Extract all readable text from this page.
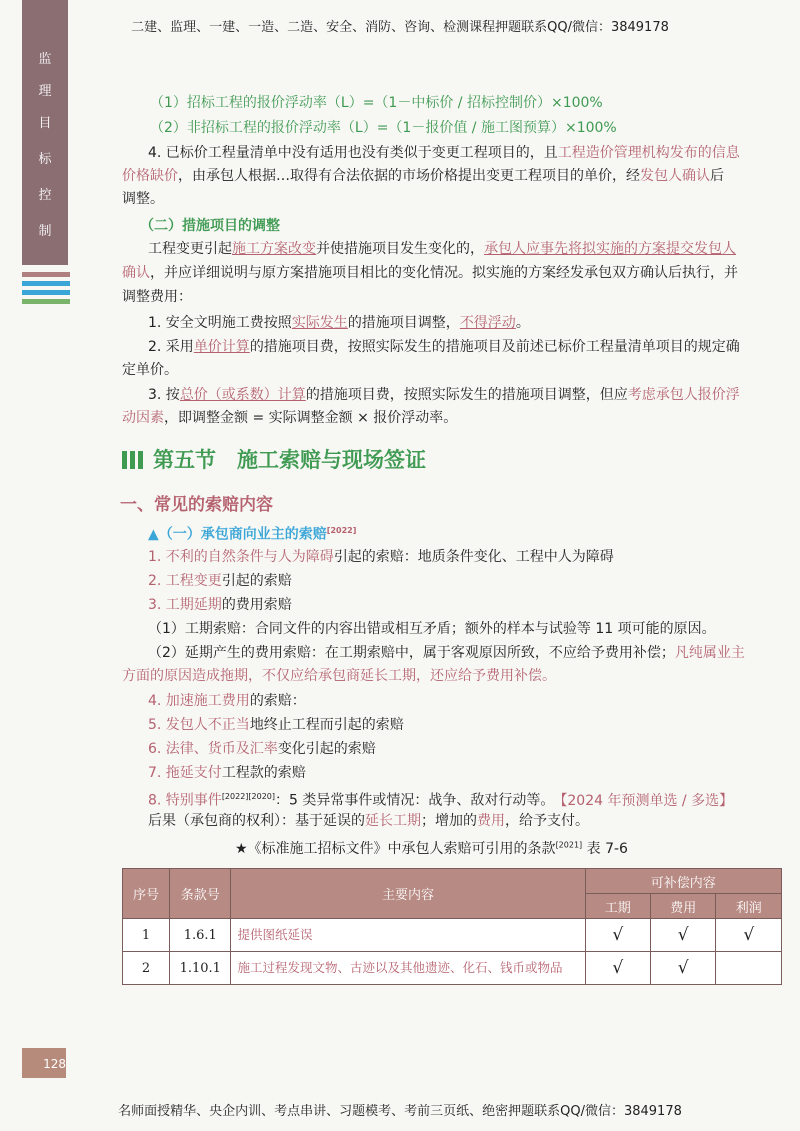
二建、监理、一建、一造、二造、安全、消防、咨询、检测课程押题联系QQ/微信：3849178
监
理
目
标
控
制
（1）招标工程的报价浮动率（L）=（1－中标价 / 招标控制价）×100%
（2）非招标工程的报价浮动率（L）=（1－报价值 / 施工图预算）×100%
4. 已标价工程量清单中没有适用也没有类似于变更工程项目的，且工程造价管理机构发布的信息
价格缺价，由承包人根据…取得有合法依据的市场价格提出变更工程项目的单价，经发包人确认后
调整。
（二）措施项目的调整
工程变更引起施工方案改变并使措施项目发生变化的，承包人应事先将拟实施的方案提交发包人
确认，并应详细说明与原方案措施项目相比的变化情况。拟实施的方案经发承包双方确认后执行，并
调整费用：
1. 安全文明施工费按照实际发生的措施项目调整，不得浮动。
2. 采用单价计算的措施项目费，按照实际发生的措施项目及前述已标价工程量清单项目的规定确
定单价。
3. 按总价（或系数）计算的措施项目费，按照实际发生的措施项目调整，但应考虑承包人报价浮
动因素，即调整金额 = 实际调整金额 × 报价浮动率。
第五节　施工索赔与现场签证
一、常见的索赔内容
▲（一）承包商向业主的索赔[2022]
1. 不利的自然条件与人为障碍引起的索赔：地质条件变化、工程中人为障碍
2. 工程变更引起的索赔
3. 工期延期的费用索赔
（1）工期索赔：合同文件的内容出错或相互矛盾；额外的样本与试验等 11 项可能的原因。
（2）延期产生的费用索赔：在工期索赔中，属于客观原因所致，不应给予费用补偿；凡纯属业主
方面的原因造成拖期，不仅应给承包商延长工期，还应给予费用补偿。
4. 加速施工费用的索赔：
5. 发包人不正当地终止工程而引起的索赔
6. 法律、货币及汇率变化引起的索赔
7. 拖延支付工程款的索赔
8. 特别事件[2022][2020]：5 类异常事件或情况：战争、敌对行动等。 【2024 年预测单选 / 多选】
后果（承包商的权利）：基于延误的延长工期；增加的费用，给予支付。
★《标准施工招标文件》中承包人索赔可引用的条款[2021] 表 7-6
序号	条款号	主要内容	可补偿内容		
			工期	费用	利润
1	1.6.1	提供图纸延误	√	√	√
2	1.10.1	施工过程发现文物、古迹以及其他遗迹、化石、钱币或物品	√	√	
128
名师面授精华、央企内训、考点串讲、习题模考、考前三页纸、绝密押题联系QQ/微信：3849178
